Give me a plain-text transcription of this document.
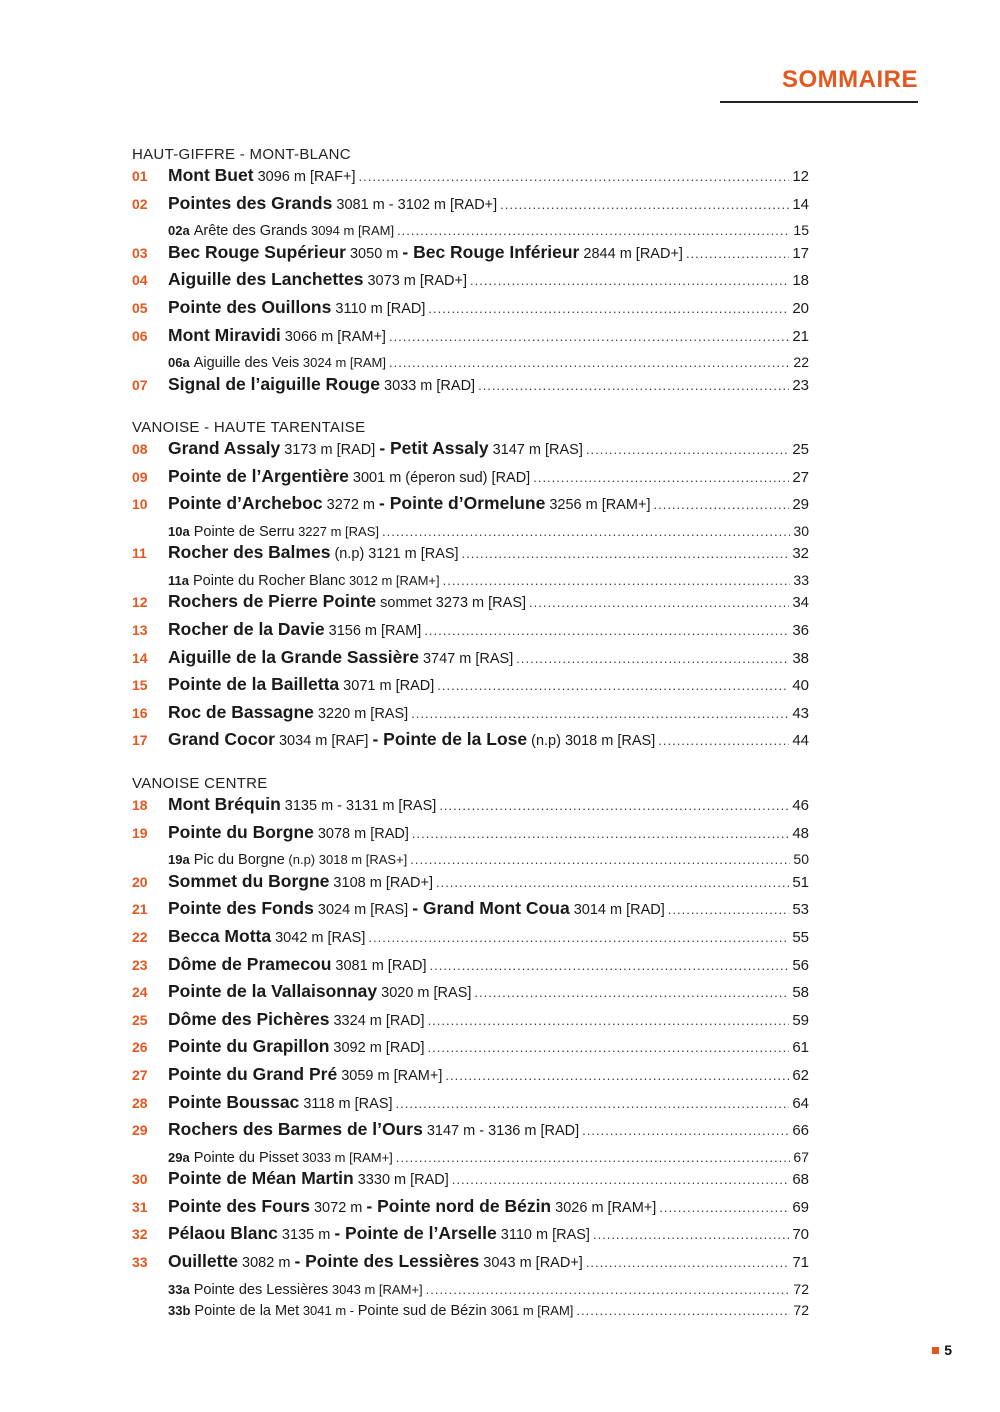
SOMMAIRE
HAUT-GIFFRE - MONT-BLANC
01	Mont Buet 3096 m [RAF+] .....	12
02	Pointes des Grands 3081 m - 3102 m [RAD+] .....	14
02a Arête des Grands 3094 m [RAM] .....	15
03	Bec Rouge Supérieur 3050 m - Bec Rouge Inférieur 2844 m [RAD+] .....	17
04	Aiguille des Lanchettes 3073 m [RAD+] .....	18
05	Pointe des Ouillons 3110 m [RAD] .....	20
06	Mont Miravidi 3066 m [RAM+] .....	21
06a Aiguille des Veis 3024 m [RAM] .....	22
07	Signal de l’aiguille Rouge 3033 m [RAD] .....	23
VANOISE - HAUTE TARENTAISE
08	Grand Assaly 3173 m [RAD] - Petit Assaly 3147 m [RAS] .....	25
09	Pointe de l’Argentière 3001 m (éperon sud) [RAD] .....	27
10	Pointe d’Archeboc 3272 m - Pointe d’Ormelune 3256 m [RAM+] .....	29
10a Pointe de Serru 3227 m [RAS] .....	30
11	Rocher des Balmes (n.p) 3121 m [RAS] .....	32
11a Pointe du Rocher Blanc 3012 m [RAM+] .....	33
12	Rochers de Pierre Pointe sommet 3273 m [RAS] .....	34
13	Rocher de la Davie 3156 m [RAM] .....	36
14	Aiguille de la Grande Sassière 3747 m [RAS] .....	38
15	Pointe de la Bailletta 3071 m [RAD] .....	40
16	Roc de Bassagne 3220 m [RAS] .....	43
17	Grand Cocor 3034 m [RAF] - Pointe de la Lose (n.p) 3018 m [RAS] .....	44
VANOISE CENTRE
18	Mont Bréquin 3135 m - 3131 m [RAS] .....	46
19	Pointe du Borgne 3078 m [RAD] .....	48
19a Pic du Borgne (n.p) 3018 m [RAS+] .....	50
20	Sommet du Borgne 3108 m [RAD+] .....	51
21	Pointe des Fonds 3024 m [RAS] - Grand Mont Coua 3014 m [RAD] .....	53
22	Becca Motta 3042 m [RAS] .....	55
23	Dôme de Pramecou 3081 m [RAD] .....	56
24	Pointe de la Vallaisonnay 3020 m [RAS] .....	58
25	Dôme des Pichères 3324 m [RAD] .....	59
26	Pointe du Grapillon 3092 m [RAD] .....	61
27	Pointe du Grand Pré 3059 m [RAM+] .....	62
28	Pointe Boussac 3118 m [RAS] .....	64
29	Rochers des Barmes de l’Ours 3147 m - 3136 m [RAD] .....	66
29a Pointe du Pisset 3033 m [RAM+] .....	67
30	Pointe de Méan Martin 3330 m [RAD] .....	68
31	Pointe des Fours 3072 m - Pointe nord de Bézin 3026 m [RAM+] .....	69
32	Pélaou Blanc 3135 m - Pointe de l’Arselle 3110 m [RAS] .....	70
33	Ouillette 3082 m - Pointe des Lessières 3043 m [RAD+] .....	71
33a Pointe des Lessières 3043 m [RAM+] .....	72
33b Pointe de la Met 3041 m - Pointe sud de Bézin 3061 m [RAM] .....	72
5
